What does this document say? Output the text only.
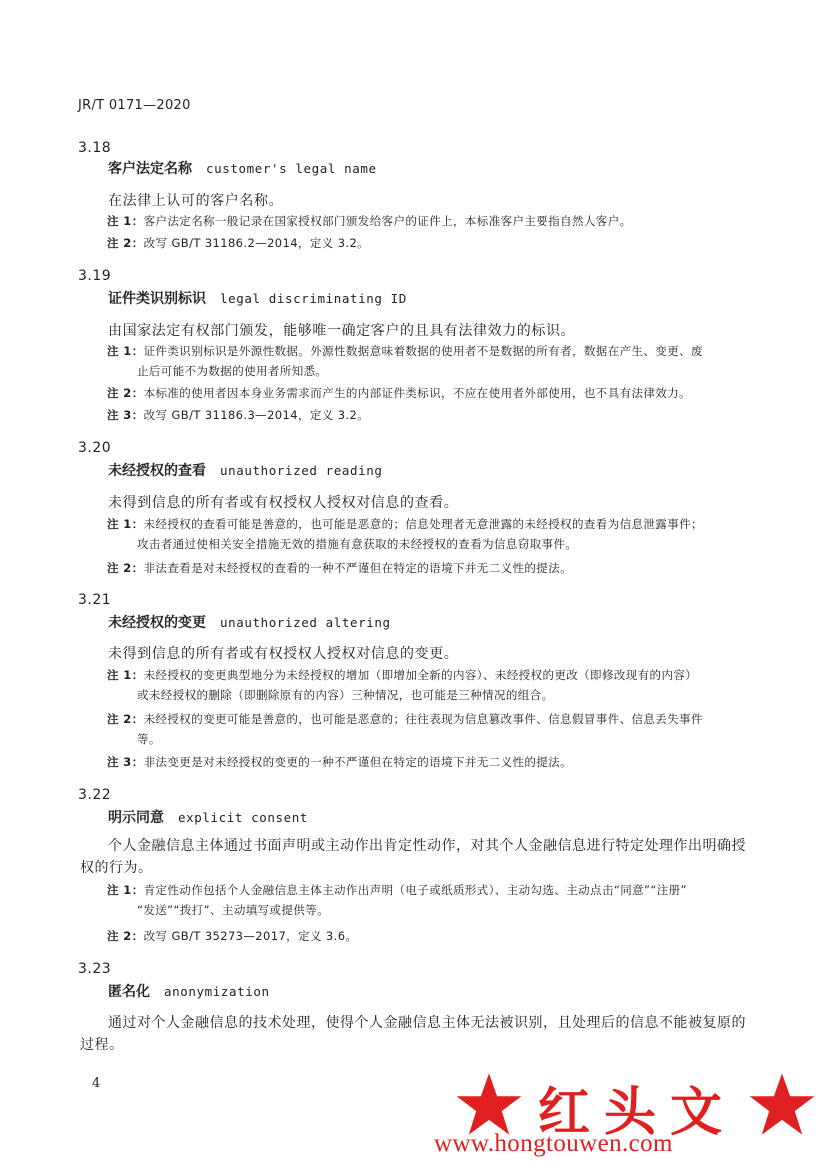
JR/T 0171—2020
3.18
客户法定名称 customer's legal name
在法律上认可的客户名称。
注 1：客户法定名称一般记录在国家授权部门颁发给客户的证件上，本标准客户主要指自然人客户。
注 2：改写 GB/T 31186.2—2014，定义 3.2。
3.19
证件类识别标识 legal discriminating ID
由国家法定有权部门颁发，能够唯一确定客户的且具有法律效力的标识。
注 1：证件类识别标识是外源性数据。外源性数据意味着数据的使用者不是数据的所有者，数据在产生、变更、废
止后可能不为数据的使用者所知悉。
注 2：本标准的使用者因本身业务需求而产生的内部证件类标识，不应在使用者外部使用，也不具有法律效力。
注 3：改写 GB/T 31186.3—2014，定义 3.2。
3.20
未经授权的查看 unauthorized reading
未得到信息的所有者或有权授权人授权对信息的查看。
注 1：未经授权的查看可能是善意的，也可能是恶意的；信息处理者无意泄露的未经授权的查看为信息泄露事件；
攻击者通过使相关安全措施无效的措施有意获取的未经授权的查看为信息窃取事件。
注 2：非法查看是对未经授权的查看的一种不严谨但在特定的语境下并无二义性的提法。
3.21
未经授权的变更 unauthorized altering
未得到信息的所有者或有权授权人授权对信息的变更。
注 1：未经授权的变更典型地分为未经授权的增加（即增加全新的内容）、未经授权的更改（即修改现有的内容）
或未经授权的删除（即删除原有的内容）三种情况，也可能是三种情况的组合。
注 2：未经授权的变更可能是善意的，也可能是恶意的；往往表现为信息篡改事件、信息假冒事件、信息丢失事件
等。
注 3：非法变更是对未经授权的变更的一种不严谨但在特定的语境下并无二义性的提法。
3.22
明示同意 explicit consent
个人金融信息主体通过书面声明或主动作出肯定性动作，对其个人金融信息进行特定处理作出明确授权的行为。
注 1：肯定性动作包括个人金融信息主体主动作出声明（电子或纸质形式）、主动勾选、主动点击“同意”“注册”
“发送”“拨打”、主动填写或提供等。
注 2：改写 GB/T 35273—2017，定义 3.6。
3.23
匿名化 anonymization
通过对个人金融信息的技术处理，使得个人金融信息主体无法被识别，且处理后的信息不能被复原的过程。
4	红头文
www.hongtouwen.com
